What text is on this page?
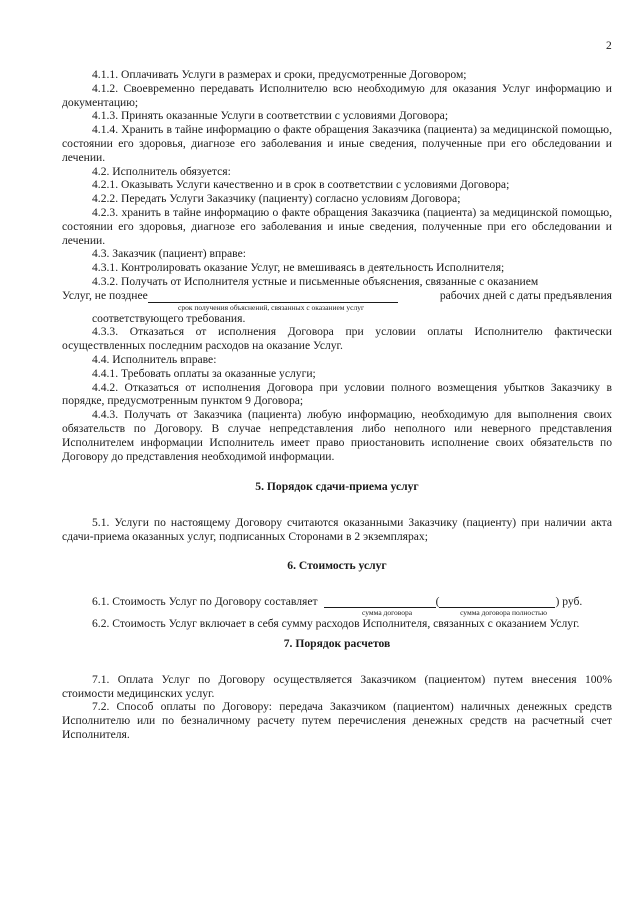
2

4.1.1. Оплачивать Услуги в размерах и сроки, предусмотренные Договором;

4.1.2. Своевременно передавать Исполнителю всю необходимую для оказания Услуг информацию и документацию;

4.1.3. Принять оказанные Услуги в соответствии с условиями Договора;

4.1.4. Хранить в тайне информацию о факте обращения Заказчика (пациента) за медицинской помощью, состоянии его здоровья, диагнозе его заболевания и иные сведения, полученные при его обследовании и лечении.

4.2. Исполнитель обязуется:

4.2.1. Оказывать Услуги качественно и в срок в соответствии с условиями Договора;

4.2.2. Передать Услуги Заказчику (пациенту) согласно условиям Договора;

4.2.3. хранить в тайне информацию о факте обращения Заказчика (пациента) за медицинской помощью, состоянии его здоровья, диагнозе его заболевания и иные сведения, полученные при его обследовании и лечении.

4.3. Заказчик (пациент) вправе:

4.3.1. Контролировать оказание Услуг, не вмешиваясь в деятельность Исполнителя;

4.3.2. Получать от Исполнителя устные и письменные объяснения, связанные с оказанием

Услуг, не позднее	рабочих дней с даты предъявления
срок получения объяснений, связанных с оказанием услуг

соответствующего требования.

4.3.3. Отказаться от исполнения Договора при условии оплаты Исполнителю фактически осуществленных последним расходов на оказание Услуг.

4.4. Исполнитель вправе:

4.4.1. Требовать оплаты за оказанные услуги;

4.4.2. Отказаться от исполнения Договора при условии полного возмещения убытков Заказчику в порядке, предусмотренным пунктом 9 Договора;

4.4.3. Получать от Заказчика (пациента) любую информацию, необходимую для выполнения своих обязательств по Договору. В случае непредставления либо неполного или неверного представления Исполнителем информации Исполнитель имеет право приостановить исполнение своих обязательств по Договору до представления необходимой информации.

5. Порядок сдачи-приема услуг

5.1. Услуги по настоящему Договору считаются оказанными Заказчику (пациенту) при наличии акта сдачи-приема оказанных услуг, подписанных Сторонами в 2 экземплярах;

6. Стоимость услуг

6.1. Стоимость Услуг по Договору составляет	(	) руб.
сумма договора	сумма договора полностью

6.2. Стоимость Услуг включает в себя сумму расходов Исполнителя, связанных с оказанием Услуг.

7. Порядок расчетов

7.1. Оплата Услуг по Договору осуществляется Заказчиком (пациентом) путем внесения 100% стоимости медицинских услуг.

7.2. Способ оплаты по Договору: передача Заказчиком (пациентом) наличных денежных средств Исполнителю или по безналичному расчету путем перечисления денежных средств на расчетный счет Исполнителя.
